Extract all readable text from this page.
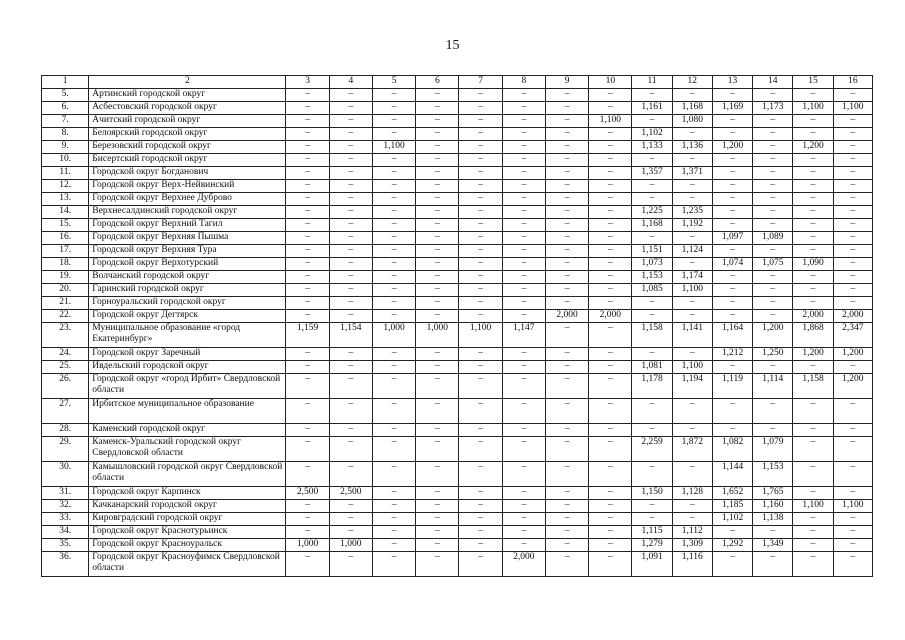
15
1	2	3	4	5	6	7	8	9	10	11	12	13	14	15	16
5.	Артинский городской округ	–	–	–	–	–	–	–	–	–	–	–	–	–	–
6.	Асбестовский городской округ	–	–	–	–	–	–	–	–	1,161	1,168	1,169	1,173	1,100	1,100
7.	Ачитский городской округ	–	–	–	–	–	–	–	1,100	–	1,080	–	–	–	–
8.	Белоярский городской округ	–	–	–	–	–	–	–	–	1,102	–	–	–	–	–
9.	Березовский городской округ	–	–	1,100	–	–	–	–	–	1,133	1,136	1,200	–	1,200	–
10.	Бисертский городской округ	–	–	–	–	–	–	–	–	–	–	–	–	–	–
11.	Городской округ Богданович	–	–	–	–	–	–	–	–	1,357	1,371	–	–	–	–
12.	Городской округ Верх-Нейвинский	–	–	–	–	–	–	–	–	–	–	–	–	–	–
13.	Городской округ Верхнее Дуброво	–	–	–	–	–	–	–	–	–	–	–	–	–	–
14.	Верхнесалдинский городской округ	–	–	–	–	–	–	–	–	1,225	1,235	–	–	–	–
15.	Городской округ Верхний Тагил	–	–	–	–	–	–	–	–	1,168	1,192	–	–	–	–
16.	Городской округ Верхняя Пышма	–	–	–	–	–	–	–	–	–	–	1,097	1,089	–	–
17.	Городской округ Верхняя Тура	–	–	–	–	–	–	–	–	1,151	1,124	–	–	–	–
18.	Городской округ Верхотурский	–	–	–	–	–	–	–	–	1,073	–	1,074	1,075	1,090	–
19.	Волчанский городской округ	–	–	–	–	–	–	–	–	1,153	1,174	–	–	–	–
20.	Гаринский городской округ	–	–	–	–	–	–	–	–	1,085	1,100	–	–	–	–
21.	Горноуральский городской округ	–	–	–	–	–	–	–	–	–	–	–	–	–	–
22.	Городской округ Дегтярск	–	–	–	–	–	–	2,000	2,000	–	–	–	–	2,000	2,000
23.	Муниципальное образование «город Екатеринбург»	1,159	1,154	1,000	1,000	1,100	1,147	–	–	1,158	1,141	1,164	1,200	1,868	2,347
24.	Городской округ Заречный	–	–	–	–	–	–	–	–	–	–	1,212	1,250	1,200	1,200
25.	Ивдельский городской округ	–	–	–	–	–	–	–	–	1,081	1,100	–	–	–	–
26.	Городской округ «город Ирбит» Свердловской области	–	–	–	–	–	–	–	–	1,178	1,194	1,119	1,114	1,158	1,200
27.	Ирбитское муниципальное образование	–	–	–	–	–	–	–	–	–	–	–	–	–	–
28.	Каменский городской округ	–	–	–	–	–	–	–	–	–	–	–	–	–	–
29.	Каменск-Уральский городской округ Свердловской области	–	–	–	–	–	–	–	–	2,259	1,872	1,082	1,079	–	–
30.	Камышловский городской округ Свердловской области	–	–	–	–	–	–	–	–	–	–	1,144	1,153	–	–
31.	Городской округ Карпинск	2,500	2,500	–	–	–	–	–	–	1,150	1,128	1,652	1,765	–	–
32.	Качканарский городской округ	–	–	–	–	–	–	–	–	–	–	1,185	1,160	1,100	1,100
33.	Кировградский городской округ	–	–	–	–	–	–	–	–	–	–	1,102	1,138	–	–
34.	Городской округ Краснотурьинск	–	–	–	–	–	–	–	–	1,115	1,112	–	–	–	–
35.	Городской округ Красноуральск	1,000	1,000	–	–	–	–	–	–	1,279	1,309	1,292	1,349	–	–
36.	Городской округ Красноуфимск Свердловской области	–	–	–	–	–	2,000	–	–	1,091	1,116	–	–	–	–
